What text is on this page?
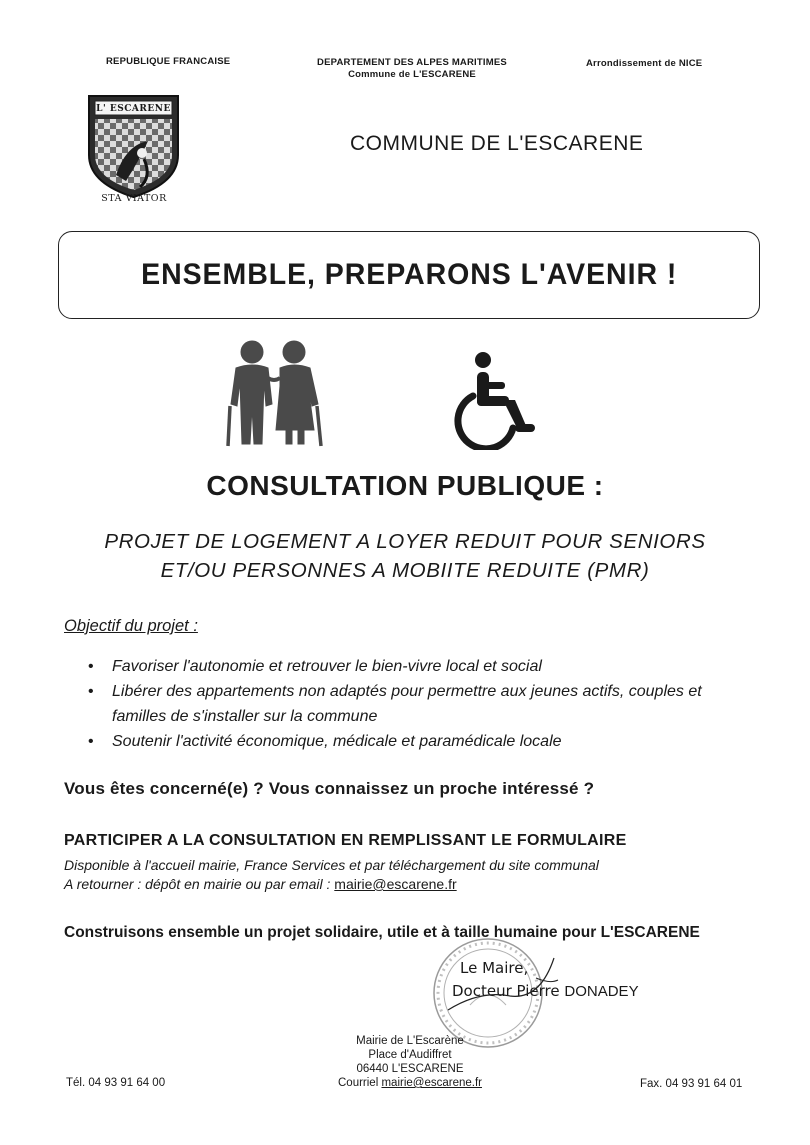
REPUBLIQUE FRANCAISE	DEPARTEMENT DES ALPES MARITIMES
Commune de L'ESCARENE
Arrondissement de NICE
L' ESCARENE
STA VIATOR
COMMUNE DE L'ESCARENE
ENSEMBLE, PREPARONS L'AVENIR !
CONSULTATION PUBLIQUE :
PROJET DE LOGEMENT A LOYER REDUIT POUR SENIORS
ET/OU PERSONNES A MOBIITE REDUITE (PMR)
Objectif du projet :
• Favoriser l'autonomie et retrouver le bien-vivre local et social
• Libérer des appartements non adaptés pour permettre aux jeunes actifs, couples et familles de s'installer sur la commune
• Soutenir l'activité économique, médicale et paramédicale locale
Vous êtes concerné(e) ? Vous connaissez un proche intéressé ?
PARTICIPER A LA CONSULTATION EN REMPLISSANT LE FORMULAIRE
Disponible à l'accueil mairie, France Services et par téléchargement du site communal
A retourner : dépôt en mairie ou par email : mairie@escarene.fr
Construisons ensemble un projet solidaire, utile et à taille humaine pour L'ESCARENE
Le Maire,
Docteur Pierre DONADEY
Tél. 04 93 91 64 00
Mairie de L'Escarène
Place d'Audiffret
06440 L'ESCARENE
Courriel mairie@escarene.fr	Fax. 04 93 91 64 01
